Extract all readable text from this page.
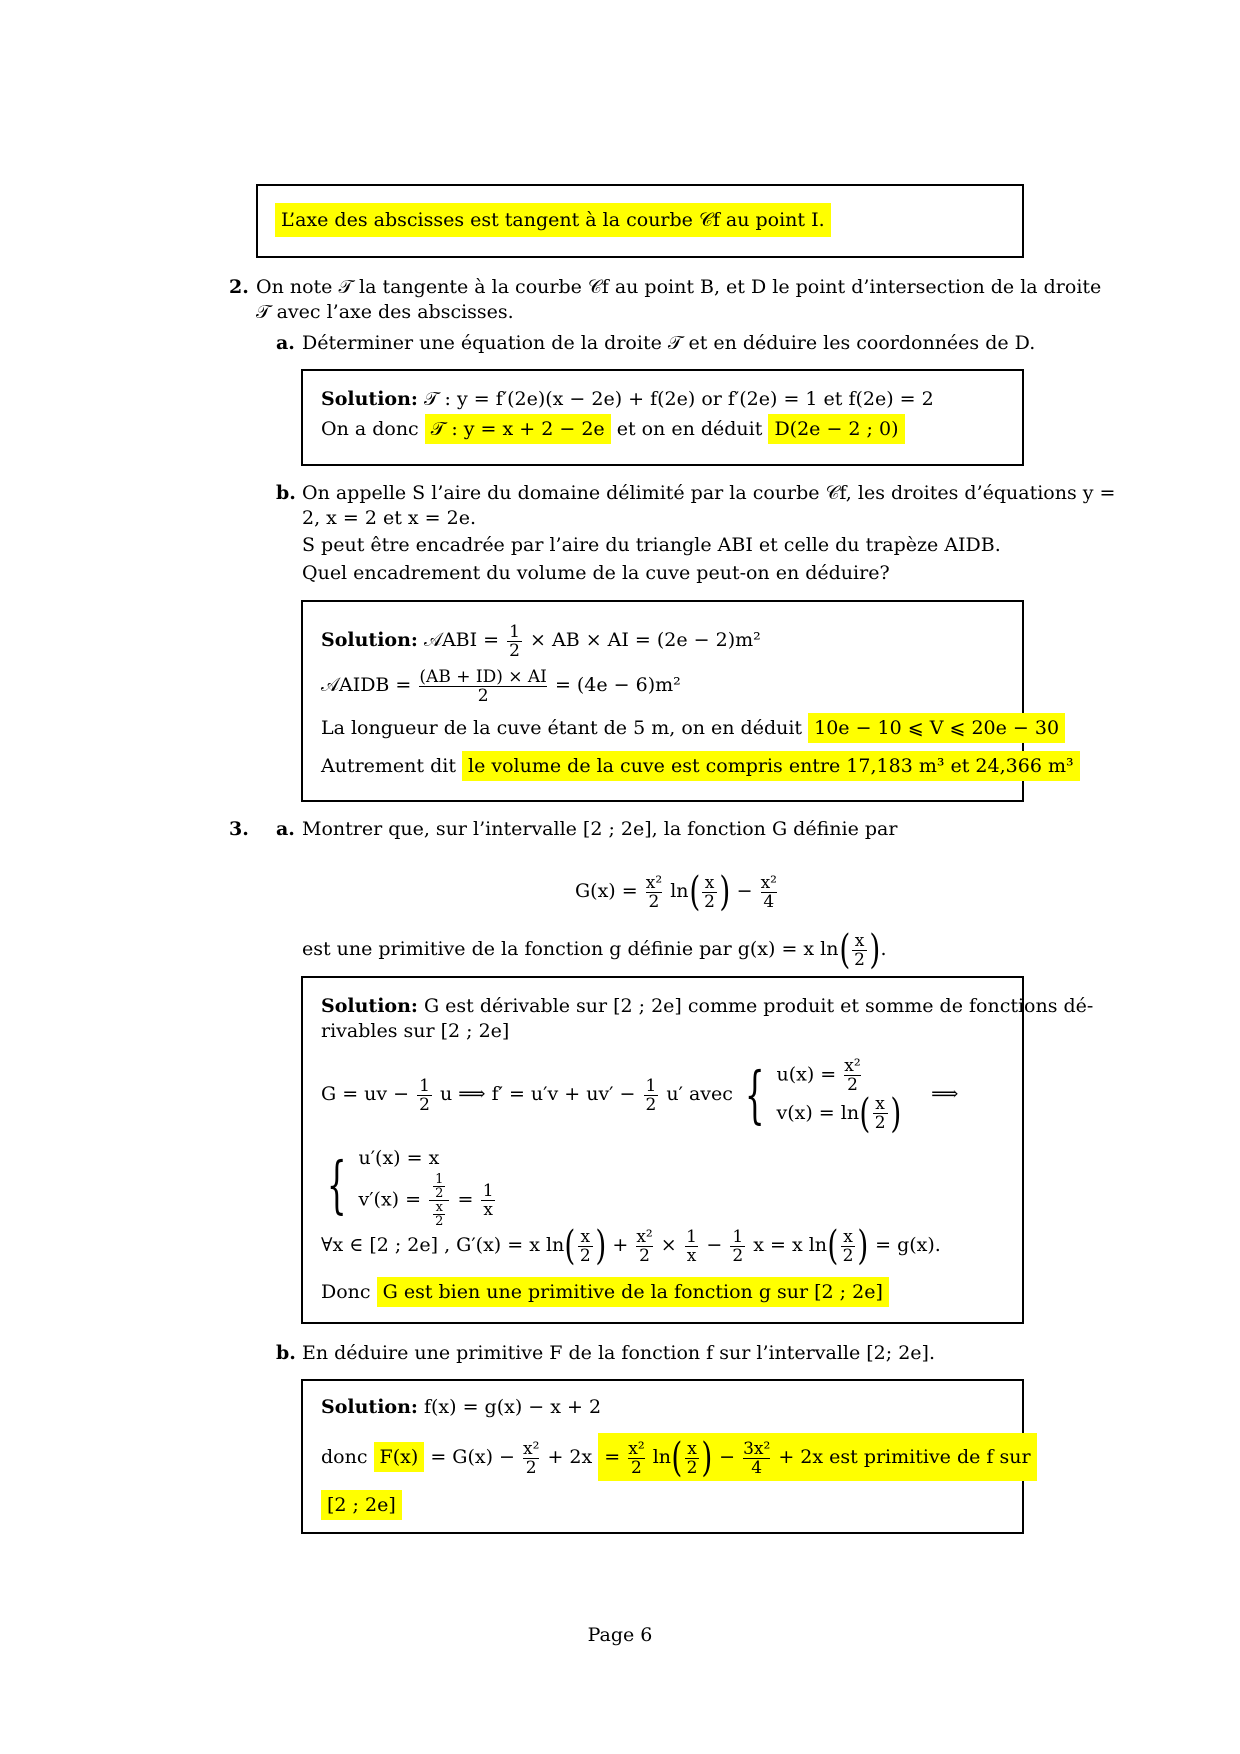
L’axe des abscisses est tangent à la courbe 𝒞f au point I.
2. On note 𝒯 la tangente à la courbe 𝒞f au point B, et D le point d’intersection de la droite
𝒯 avec l’axe des abscisses.
a. Déterminer une équation de la droite 𝒯 et en déduire les coordonnées de D.
Solution: 𝒯 : y = f′(2e)(x − 2e) + f(2e) or f′(2e) = 1 et f(2e) = 2
On a donc 𝒯 : y = x + 2 − 2e et on en déduit D(2e − 2 ; 0)
b. On appelle S l’aire du domaine délimité par la courbe 𝒞f, les droites d’équations y =
2, x = 2 et x = 2e.
S peut être encadrée par l’aire du triangle ABI et celle du trapèze AIDB.
Quel encadrement du volume de la cuve peut-on en déduire?
Solution: 𝒜ABI = $\frac{1}{2}$ × AB × AI = (2e − 2)m²
𝒜AIDB = $\frac{(AB + ID) \times AI}{2} = (4e - 6)m^2$
La longueur de la cuve étant de 5 m, on en déduit 10e − 10 ⩽ V ⩽ 20e − 30
Autrement dit le volume de la cuve est compris entre 17,183 m³ et 24,366 m³
3. a. Montrer que, sur l’intervalle [2 ; 2e], la fonction G définie par
$G(x) = \frac{\text{x²}}{2} \ln( \frac{x}{2}$ ) − $\frac{\text{x²}}{4}$
est une primitive de la fonction g définie par g(x) = x $\ln( \frac{x}{2}$ ).
Solution: G est dérivable sur [2 ; 2e] comme produit et somme de fonctions dé-
rivables sur [2 ; 2e]
G = uv − $\frac{1}{2}$ u ⟹ $f' = u'v + uv' - \frac{1}{2} u'$ avec { $u(x) = \frac{\text{x²}}{2}$
$v(x) = \ln( \frac{x}{2}$ ) ⟹
{ u′(x) = x
$v'(x) = \frac{\frac{1}{2}}{\frac{x}{2}} = \frac{1}{x}$
∀x ∈ [2 ; 2e] , G′(x) = x $\ln( \frac{x}{2}$ ) + $\frac{\text{x²}}{2} \times \frac{1}{x} - \frac{1}{2}$ x = x $\ln( \frac{x}{2}$ ) = g(x).
Donc G est bien une primitive de la fonction g sur [2 ; 2e]
b. En déduire une primitive F de la fonction f sur l’intervalle [2; 2e].
Solution: f(x) = g(x) − x + 2
donc $F(x) = G(x) - \frac{\text{x²}}{2} + 2x = \frac{\text{x²}}{2} \ln( \frac{x}{2}$ ) − $\frac{\text{3x²}}{4} + 2x$ est primitive de f sur
[2 ; 2e]
Page 6
